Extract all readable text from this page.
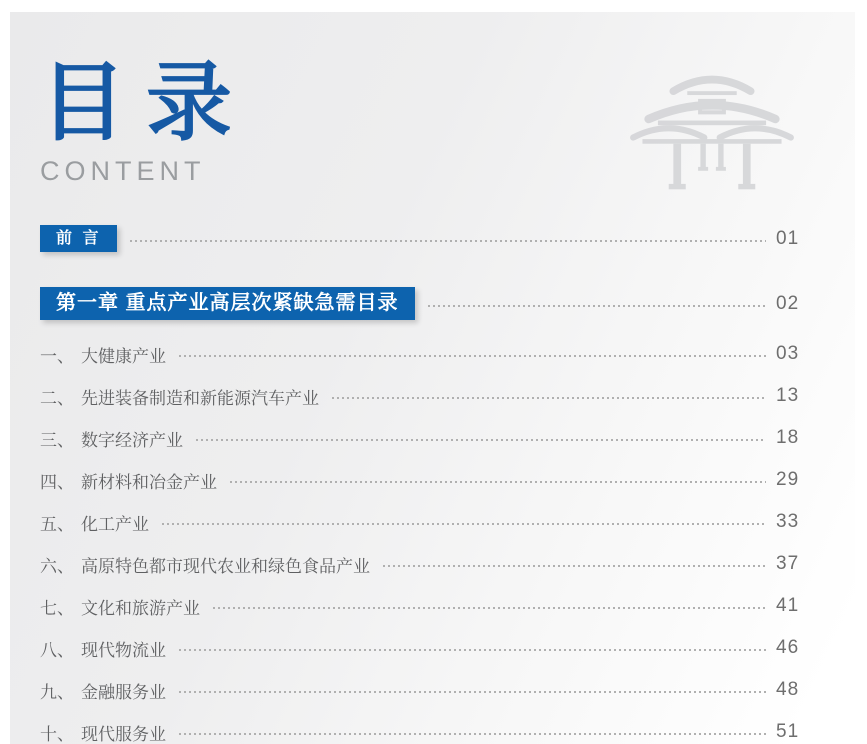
目录
CONTENT
前 言	01
第一章 重点产业高层次紧缺急需目录	02
一、 大健康产业	03
二、 先进装备制造和新能源汽车产业	13
三、 数字经济产业	18
四、 新材料和冶金产业	29
五、 化工产业	33
六、 高原特色都市现代农业和绿色食品产业	37
七、 文化和旅游产业	41
八、 现代物流业	46
九、 金融服务业	48
十、 现代服务业	51
